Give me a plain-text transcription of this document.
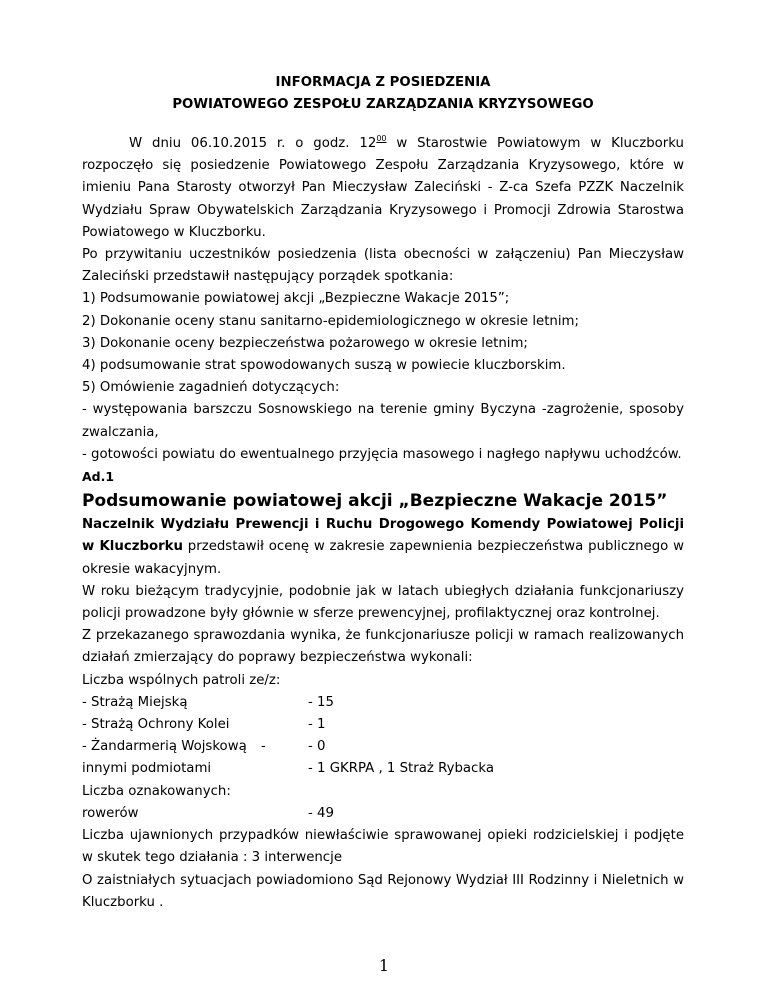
INFORMACJA Z POSIEDZENIA

POWIATOWEGO ZESPOŁU ZARZĄDZANIA KRYZYSOWEGO

W dniu 06.10.2015 r. o godz. $12^{00}$ w Starostwie Powiatowym w Kluczborku rozpoczęło się posiedzenie Powiatowego Zespołu Zarządzania Kryzysowego, które w imieniu Pana Starosty otworzył Pan Mieczysław Zaleciński - Z-ca Szefa PZZK Naczelnik Wydziału Spraw Obywatelskich Zarządzania Kryzysowego i Promocji Zdrowia Starostwa Powiatowego w Kluczborku.

Po przywitaniu uczestników posiedzenia (lista obecności w załączeniu) Pan Mieczysław Zaleciński przedstawił następujący porządek spotkania:

1) Podsumowanie powiatowej akcji „Bezpieczne Wakacje 2015”;

2) Dokonanie oceny stanu sanitarno-epidemiologicznego w okresie letnim;

3) Dokonanie oceny bezpieczeństwa pożarowego w okresie letnim;

4) podsumowanie strat spowodowanych suszą w powiecie kluczborskim.

5) Omówienie zagadnień dotyczących:

- występowania barszczu Sosnowskiego na terenie gminy Byczyna -zagrożenie, sposoby zwalczania,

- gotowości powiatu do ewentualnego przyjęcia masowego i nagłego napływu uchodźców.

Ad.1

Podsumowanie powiatowej akcji „Bezpieczne Wakacje 2015”

Naczelnik Wydziału Prewencji i Ruchu Drogowego Komendy Powiatowej Policji w Kluczborku przedstawił ocenę w zakresie zapewnienia bezpieczeństwa publicznego w okresie wakacyjnym.

W roku bieżącym tradycyjnie, podobnie jak w latach ubiegłych działania funkcjonariuszy policji prowadzone były głównie w sferze prewencyjnej, profilaktycznej oraz kontrolnej.

Z przekazanego sprawozdania wynika, że funkcjonariusze policji w ramach realizowanych działań zmierzający do poprawy bezpieczeństwa wykonali:

Liczba wspólnych patroli ze/z:

- Strażą Miejską	- 15
- Strażą Ochrony Kolei	- 1
- Żandarmerią Wojskową	-	- 0
innymi podmiotami	- 1 GKRPA , 1 Straż Rybacka

Liczba oznakowanych:

rowerów	- 49

Liczba ujawnionych przypadków niewłaściwie sprawowanej opieki rodzicielskiej i podjęte w skutek tego działania : 3 interwencje

O zaistniałych sytuacjach powiadomiono Sąd Rejonowy Wydział III Rodzinny i Nieletnich w Kluczborku .

1
